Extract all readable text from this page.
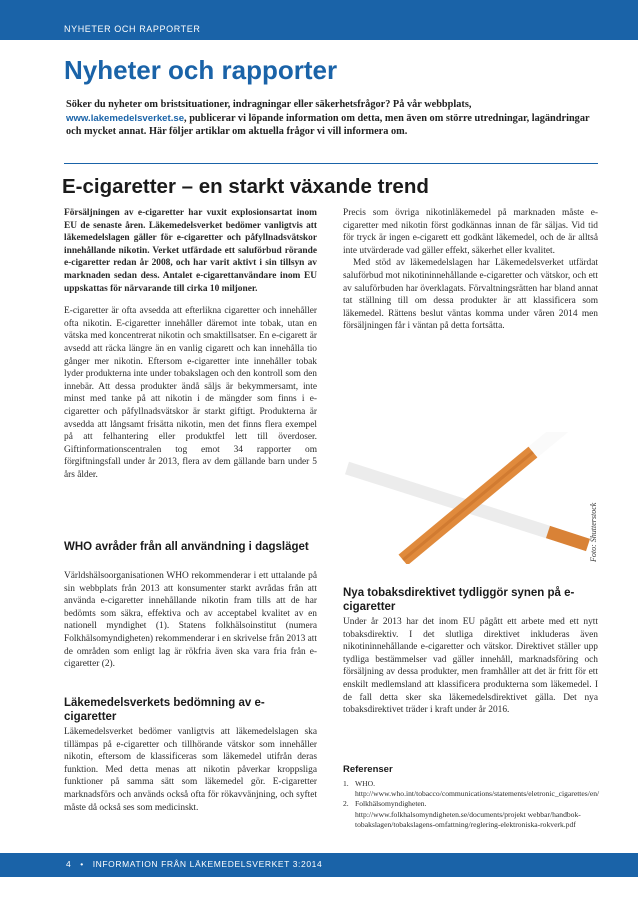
NYHETER OCH RAPPORTER
Nyheter och rapporter
Söker du nyheter om bristsituationer, indragningar eller säkerhetsfrågor? På vår webbplats, www.lakemedelsverket.se, publicerar vi löpande information om detta, men även om större utredningar, lagändringar och mycket annat. Här följer artiklar om aktuella frågor vi vill informera om.
E-cigaretter – en starkt växande trend

Försäljningen av e-cigaretter har vuxit explosionsartat inom EU de senaste åren. Läkemedelsverket bedömer vanligtvis att läkemedelslagen gäller för e-cigaretter och påfyllnadsvätskor innehållande nikotin. Verket utfärdade ett saluförbud rörande e-cigaretter redan år 2008, och har varit aktivt i sin tillsyn av marknaden sedan dess. Antalet e-cigarettanvändare inom EU uppskattas för närvarande till cirka 10 miljoner.

E-cigaretter är ofta avsedda att efterlikna cigaretter och innehåller ofta nikotin. E-cigaretter innehåller däremot inte tobak, utan en vätska med koncentrerat nikotin och smaktillsatser. En e-cigarett är avsedd att räcka längre än en vanlig cigarett och kan innehålla tio gånger mer nikotin. Eftersom e-cigaretter inte innehåller tobak lyder produkterna inte under tobakslagen och den kontroll som den innebär. Att dessa produkter ändå säljs är bekymmersamt, inte minst med tanke på att nikotin i de mängder som finns i e-cigaretter och påfyllnadsvätskor är starkt giftigt. Produkterna är avsedda att långsamt frisätta nikotin, men det finns flera exempel på att felhantering eller produktfel lett till överdoser. Giftinformationscentralen tog emot 34 rapporter om förgiftningsfall under år 2013, flera av dem gällande barn under 5 års ålder.

WHO avråder från all användning i dagsläget

Världshälsoorganisationen WHO rekommenderar i ett uttalande på sin webbplats från 2013 att konsumenter starkt avrådas från att använda e-cigaretter innehållande nikotin fram tills att de har bedömts som säkra, effektiva och av acceptabel kvalitet av en nationell myndighet (1). Statens folkhälsoinstitut (numera Folkhälsomyndigheten) rekommenderar i en skrivelse från 2013 att de områden som enligt lag är rökfria även ska vara fria från e-cigaretter (2).

Läkemedelsverkets bedömning av e-cigaretter

Läkemedelsverket bedömer vanligtvis att läkemedelslagen ska tillämpas på e-cigaretter och tillhörande vätskor som innehåller nikotin, eftersom de klassificeras som läkemedel utifrån deras funktion. Med detta menas att nikotin påverkar kroppsliga funktioner på samma sätt som läkemedel gör. E-cigaretter marknadsförs och används också ofta för rökavvänjning, och syftet måste då också ses som medicinskt.

Precis som övriga nikotinläkemedel på marknaden måste e-cigaretter med nikotin först godkännas innan de får säljas. Vid tid för tryck är ingen e-cigarett ett godkänt läkemedel, och de är alltså inte utvärderade vad gäller effekt, säkerhet eller kvalitet.

Med stöd av läkemedelslagen har Läkemedelsverket utfärdat saluförbud mot nikotininnehållande e-cigaretter och vätskor, och ett av saluförbuden har överklagats. Förvaltningsrätten har bland annat tat ställning till om dessa produkter är att klassificera som läkemedel. Rättens beslut väntas komma under våren 2014 men försäljningen får i väntan på detta fortsätta.

Foto: Shutterstock
Nya tobaksdirektivet tydliggör synen på e-cigaretter

Under år 2013 har det inom EU pågått ett arbete med ett nytt tobaksdirektiv. I det slutliga direktivet inkluderas även nikotininnehållande e-cigaretter och vätskor. Direktivet ställer upp tydliga bestämmelser vad gäller innehåll, marknadsföring och försäljning av dessa produkter, men framhåller att det är fritt för ett enskilt medlemsland att klassificera produkterna som läkemedel. I de fall detta sker ska läkemedelsdirektivet gälla. Det nya tobaksdirektivet träder i kraft under år 2016.

Referenser
1. WHO. http://www.who.int/tobacco/communications/statements/eletronic_cigarettes/en/
2. Folkhälsomyndigheten. http://www.folkhalsomyndigheten.se/documents/projekt webbar/handbok-tobakslagen/tobakslagens-omfattning/reglering-elektroniska-rokverk.pdf
4 • INFORMATION FRÅN LÄKEMEDELSVERKET 3:2014
